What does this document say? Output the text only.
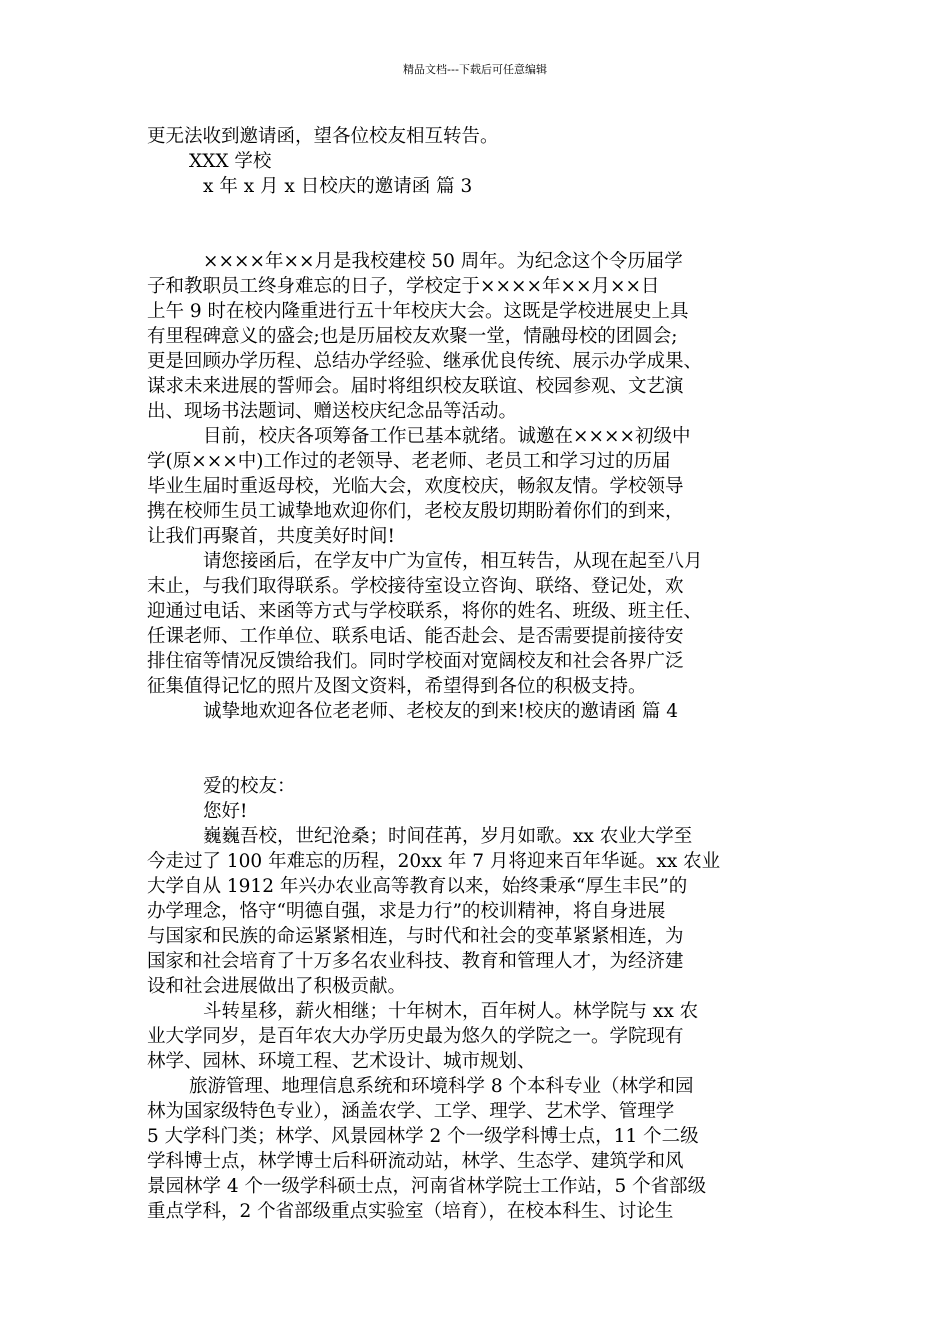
精品文档---下载后可任意编辑
更无法收到邀请函，望各位校友相互转告。
XXX 学校
x 年 x 月 x 日校庆的邀请函 篇 3
××××年××月是我校建校 50 周年。为纪念这个令历届学
子和教职员工终身难忘的日子，学校定于××××年××月××日
上午 9 时在校内隆重进行五十年校庆大会。这既是学校进展史上具
有里程碑意义的盛会;也是历届校友欢聚一堂，情融母校的团圆会;
更是回顾办学历程、总结办学经验、继承优良传统、展示办学成果、
谋求未来进展的誓师会。届时将组织校友联谊、校园参观、文艺演
出、现场书法题词、赠送校庆纪念品等活动。
目前，校庆各项筹备工作已基本就绪。诚邀在××××初级中
学(原×××中)工作过的老领导、老老师、老员工和学习过的历届
毕业生届时重返母校，光临大会，欢度校庆，畅叙友情。学校领导
携在校师生员工诚挚地欢迎你们，老校友殷切期盼着你们的到来，
让我们再聚首，共度美好时间!
请您接函后，在学友中广为宣传，相互转告，从现在起至八月
末止，与我们取得联系。学校接待室设立咨询、联络、登记处，欢
迎通过电话、来函等方式与学校联系，将你的姓名、班级、班主任、
任课老师、工作单位、联系电话、能否赴会、是否需要提前接待安
排住宿等情况反馈给我们。同时学校面对宽阔校友和社会各界广泛
征集值得记忆的照片及图文资料，希望得到各位的积极支持。
诚挚地欢迎各位老老师、老校友的到来!校庆的邀请函 篇 4
爱的校友：
您好!
巍巍吾校，世纪沧桑；时间荏苒，岁月如歌。xx 农业大学至
今走过了 100 年难忘的历程，20xx 年 7 月将迎来百年华诞。xx 农业
大学自从 1912 年兴办农业高等教育以来，始终秉承“厚生丰民”的
办学理念，恪守“明德自强，求是力行”的校训精神，将自身进展
与国家和民族的命运紧紧相连，与时代和社会的变革紧紧相连，为
国家和社会培育了十万多名农业科技、教育和管理人才，为经济建
设和社会进展做出了积极贡献。
斗转星移，薪火相继；十年树木，百年树人。林学院与 xx 农
业大学同岁，是百年农大办学历史最为悠久的学院之一。学院现有
林学、园林、环境工程、艺术设计、城市规划、
旅游管理、地理信息系统和环境科学 8 个本科专业（林学和园
林为国家级特色专业），涵盖农学、工学、理学、艺术学、管理学
5 大学科门类；林学、风景园林学 2 个一级学科博士点，11 个二级
学科博士点，林学博士后科研流动站，林学、生态学、建筑学和风
景园林学 4 个一级学科硕士点，河南省林学院士工作站，5 个省部级
重点学科，2 个省部级重点实验室（培育），在校本科生、讨论生
